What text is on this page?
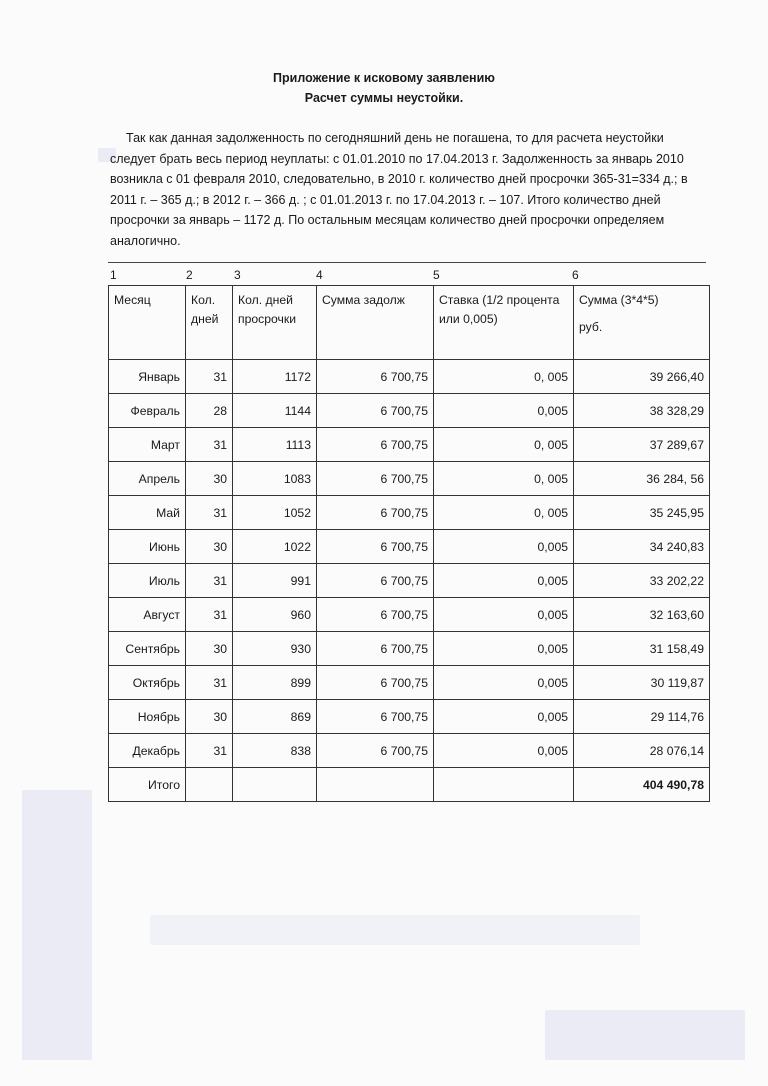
Приложение к исковому заявлению
Расчет суммы неустойки.
Так как данная задолженность по сегодняшний день не погашена, то для расчета неустойки следует брать весь период неуплаты: с 01.01.2010 по 17.04.2013 г. Задолженность за январь 2010 возникла с 01 февраля 2010, следовательно, в 2010 г. количество дней просрочки 365-31=334 д.; в 2011 г. – 365 д.; в 2012 г. – 366 д. ; с 01.01.2013 г. по 17.04.2013 г. – 107. Итого количество дней просрочки за январь – 1172 д. По остальным месяцам количество дней просрочки определяем аналогично.
1	2	3	4	5	6
Месяц	Кол. дней	Кол. дней просрочки	Сумма задолж	Ставка (1/2 процента или 0,005)	Сумма (3*4*5)
руб.
Январь	31	1172	6 700,75	0, 005	39 266,40
Февраль	28	1144	6 700,75	0,005	38 328,29
Март	31	1113	6 700,75	0, 005	37 289,67
Апрель	30	1083	6 700,75	0, 005	36 284, 56
Май	31	1052	6 700,75	0, 005	35 245,95
Июнь	30	1022	6 700,75	0,005	34 240,83
Июль	31	991	6 700,75	0,005	33 202,22
Август	31	960	6 700,75	0,005	32 163,60
Сентябрь	30	930	6 700,75	0,005	31 158,49
Октябрь	31	899	6 700,75	0,005	30 119,87
Ноябрь	30	869	6 700,75	0,005	29 114,76
Декабрь	31	838	6 700,75	0,005	28 076,14
Итого					404 490,78
